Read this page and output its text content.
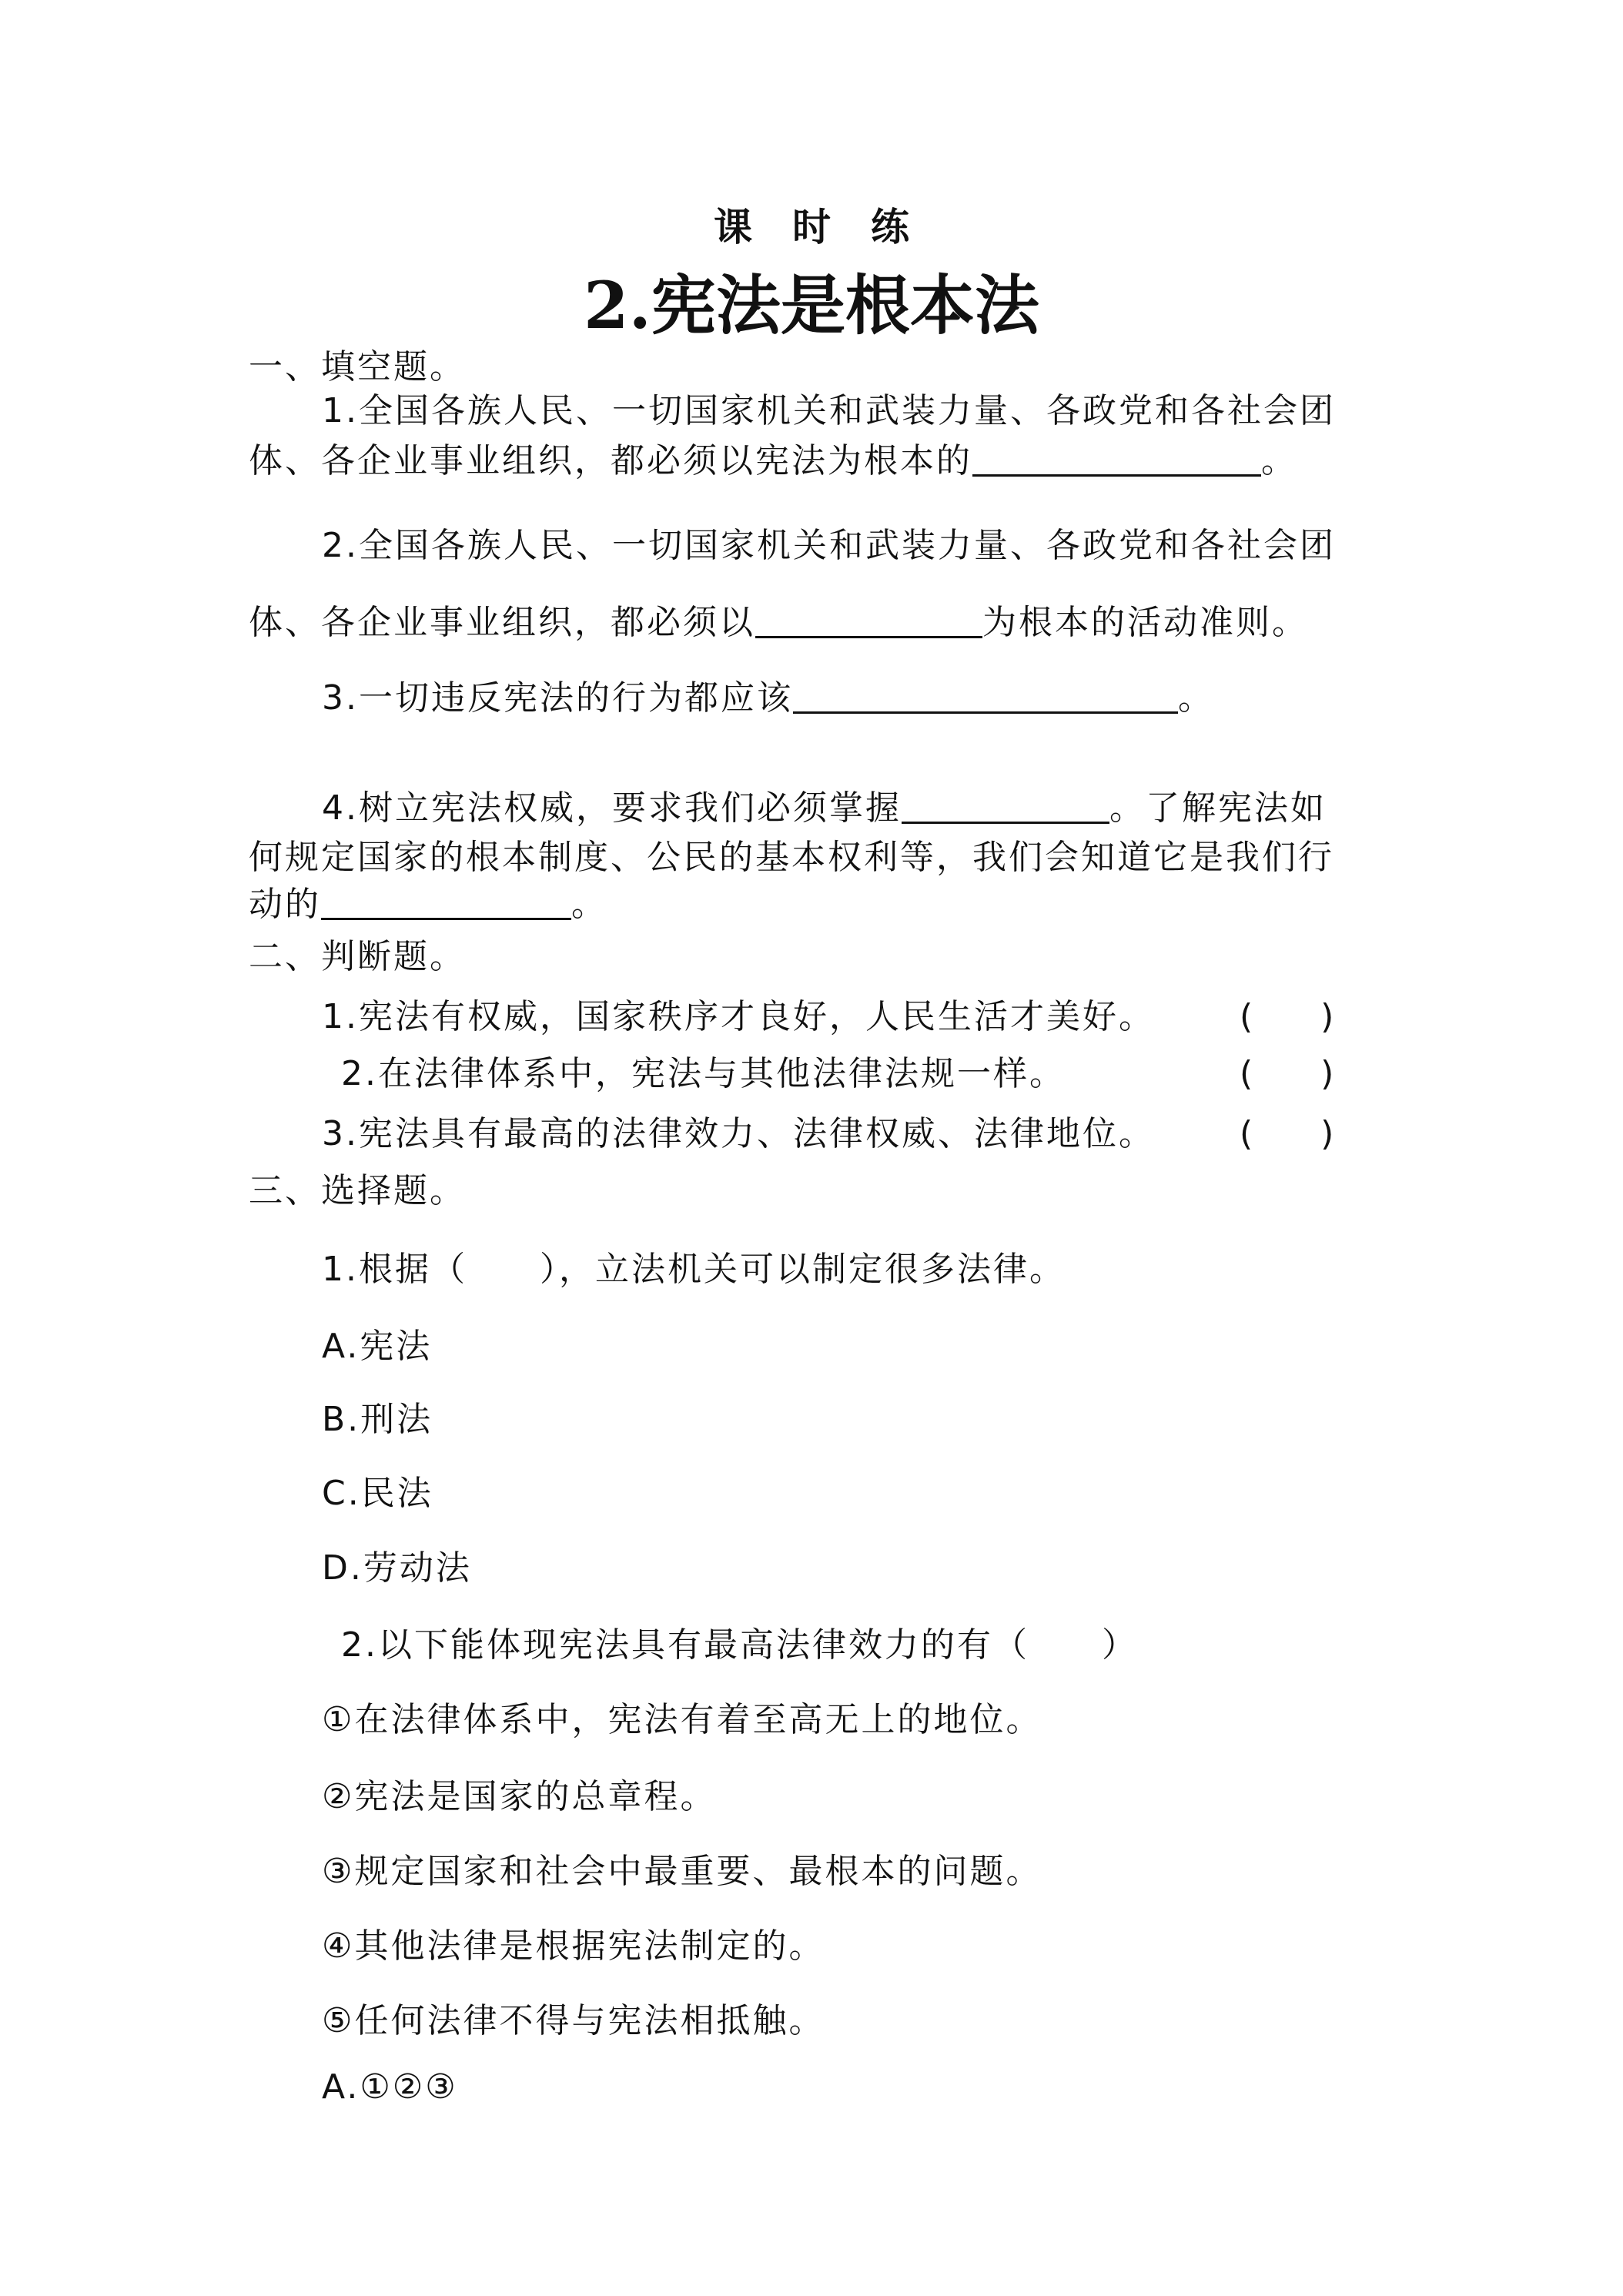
课时练
2.宪法是根本法
一、填空题。
1.全国各族人民、一切国家机关和武装力量、各政党和各社会团
体、各企业事业组织，都必须以宪法为根本的	。
2.全国各族人民、一切国家机关和武装力量、各政党和各社会团
体、各企业事业组织，都必须以	为根本的活动准则。
3.一切违反宪法的行为都应该	。
4.树立宪法权威，要求我们必须掌握	。了解宪法如
何规定国家的根本制度、公民的基本权利等，我们会知道它是我们行
动的	。
二、判断题。
1.宪法有权威，国家秩序才良好，人民生活才美好。	(　　)
2.在法律体系中，宪法与其他法律法规一样。	(　　)
3.宪法具有最高的法律效力、法律权威、法律地位。	(　　)
三、选择题。
1.根据（　　），立法机关可以制定很多法律。
A.宪法
B.刑法
C.民法
D.劳动法
2.以下能体现宪法具有最高法律效力的有（　　）
①在法律体系中，宪法有着至高无上的地位。
②宪法是国家的总章程。
③规定国家和社会中最重要、最根本的问题。
④其他法律是根据宪法制定的。
⑤任何法律不得与宪法相抵触。
A.①②③
